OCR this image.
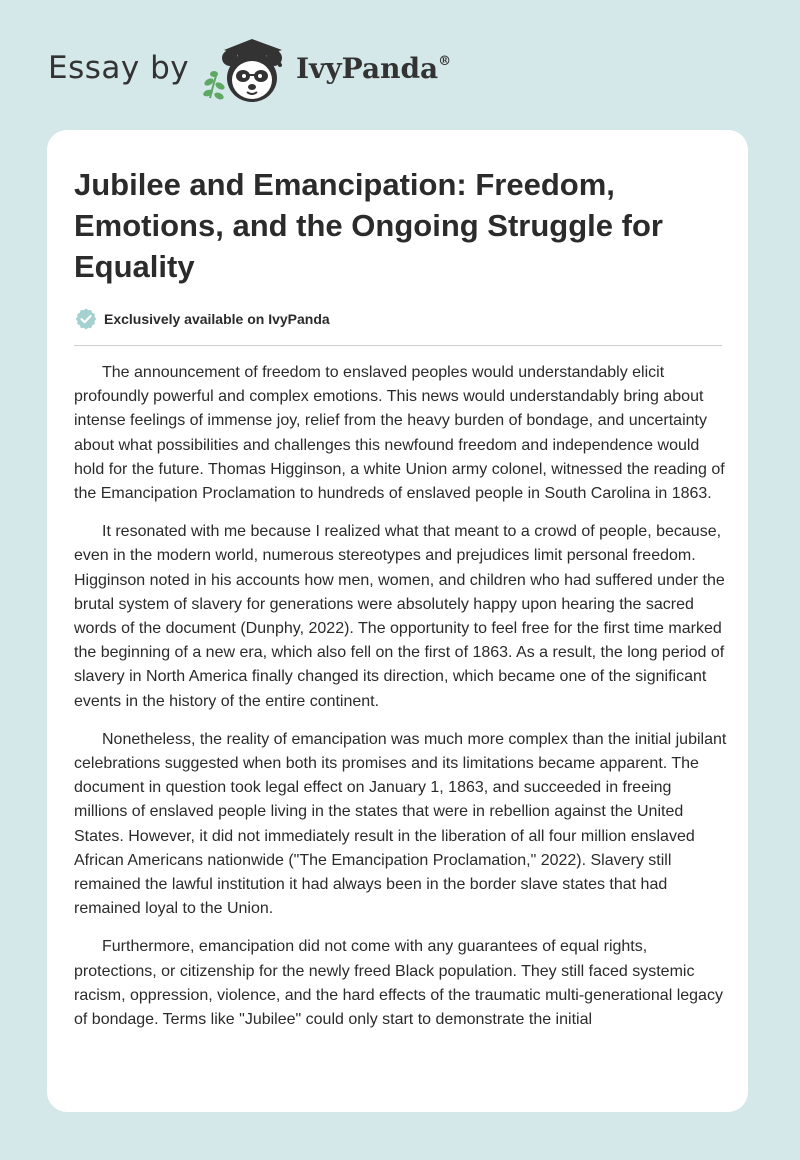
Essay by	IvyPanda®
Jubilee and Emancipation: Freedom, Emotions, and the Ongoing Struggle for Equality
Exclusively available on IvyPanda

The announcement of freedom to enslaved peoples would understandably elicit profoundly powerful and complex emotions. This news would understandably bring about intense feelings of immense joy, relief from the heavy burden of bondage, and uncertainty about what possibilities and challenges this newfound freedom and independence would hold for the future. Thomas Higginson, a white Union army colonel, witnessed the reading of the Emancipation Proclamation to hundreds of enslaved people in South Carolina in 1863.

It resonated with me because I realized what that meant to a crowd of people, because, even in the modern world, numerous stereotypes and prejudices limit personal freedom. Higginson noted in his accounts how men, women, and children who had suffered under the brutal system of slavery for generations were absolutely happy upon hearing the sacred words of the document (Dunphy, 2022). The opportunity to feel free for the first time marked the beginning of a new era, which also fell on the first of 1863. As a result, the long period of slavery in North America finally changed its direction, which became one of the significant events in the history of the entire continent.

Nonetheless, the reality of emancipation was much more complex than the initial jubilant celebrations suggested when both its promises and its limitations became apparent. The document in question took legal effect on January 1, 1863, and succeeded in freeing millions of enslaved people living in the states that were in rebellion against the United States. However, it did not immediately result in the liberation of all four million enslaved African Americans nationwide ("The Emancipation Proclamation," 2022). Slavery still remained the lawful institution it had always been in the border slave states that had remained loyal to the Union.

Furthermore, emancipation did not come with any guarantees of equal rights, protections, or citizenship for the newly freed Black population. They still faced systemic racism, oppression, violence, and the hard effects of the traumatic multi-generational legacy of bondage. Terms like "Jubilee" could only start to demonstrate the initial
